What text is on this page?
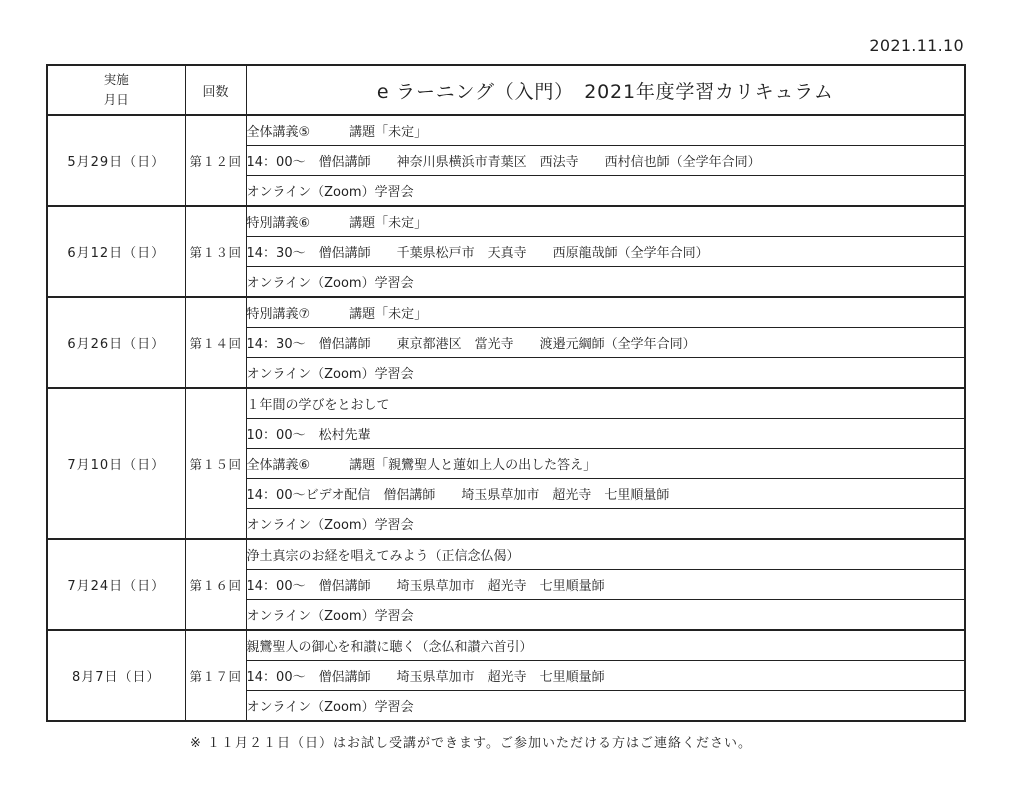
2021.11.10
実施
月日	回数	e ラーニング（入門）　2021年度学習カリキュラム
5月29日（日）	第１２回	全体講義⑤　　　講題「未定」
		14：00～　僧侶講師　　神奈川県横浜市青葉区　西法寺　　西村信也師（全学年合同）
		オンライン（Zoom）学習会
6月12日（日）	第１３回	特別講義⑥　　　講題「未定」
		14：30～　僧侶講師　　千葉県松戸市　天真寺　　西原龍哉師（全学年合同）
		オンライン（Zoom）学習会
6月26日（日）	第１４回	特別講義⑦　　　講題「未定」
		14：30～　僧侶講師　　東京都港区　當光寺　　渡邉元綱師（全学年合同）
		オンライン（Zoom）学習会
7月10日（日）	第１５回	１年間の学びをとおして
		10：00～　松村先輩
		全体講義⑥　　　講題「親鸞聖人と蓮如上人の出した答え」
		14：00～ビデオ配信　僧侶講師　　埼玉県草加市　超光寺　七里順量師
		オンライン（Zoom）学習会
7月24日（日）	第１６回	浄土真宗のお経を唱えてみよう（正信念仏偈）
		14：00～　僧侶講師　　埼玉県草加市　超光寺　七里順量師
		オンライン（Zoom）学習会
8月7日（日）	第１７回	親鸞聖人の御心を和讃に聴く（念仏和讃六首引）
		14：00～　僧侶講師　　埼玉県草加市　超光寺　七里順量師
		オンライン（Zoom）学習会
※ １１月２１日（日）はお試し受講ができます。ご参加いただける方はご連絡ください。
